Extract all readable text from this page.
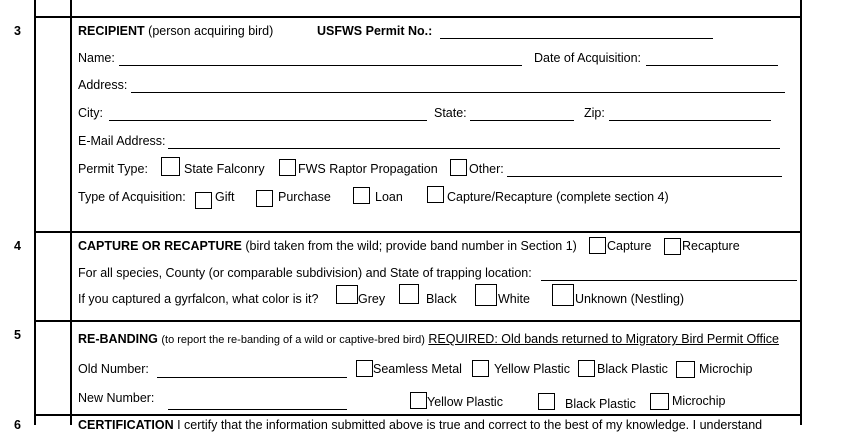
3	RECIPIENT (person acquiring bird)	USFWS Permit No.:
Name:	Date of Acquisition:
Address:
City:	State:	Zip:
E-Mail Address:
Permit Type:	State Falconry	FWS Raptor Propagation	Other:
Type of Acquisition: Gift	Purchase	Loan	Capture/Recapture (complete section 4)
4	CAPTURE OR RECAPTURE (bird taken from the wild; provide band number in Section 1) Capture Recapture
For all species, County (or comparable subdivision) and State of trapping location:
If you captured a gyrfalcon, what color is it?	Grey	Black	White	Unknown (Nestling)
5	RE-BANDING (to report the re-banding of a wild or captive-bred bird) REQUIRED: Old bands returned to Migratory Bird Permit Office
Old Number:	Seamless Metal	Yellow Plastic Black Plastic Microchip
New Number:	Yellow Plastic	Black Plastic	Microchip
6	CERTIFICATION I certify that the information submitted above is true and correct to the best of my knowledge. I understand
